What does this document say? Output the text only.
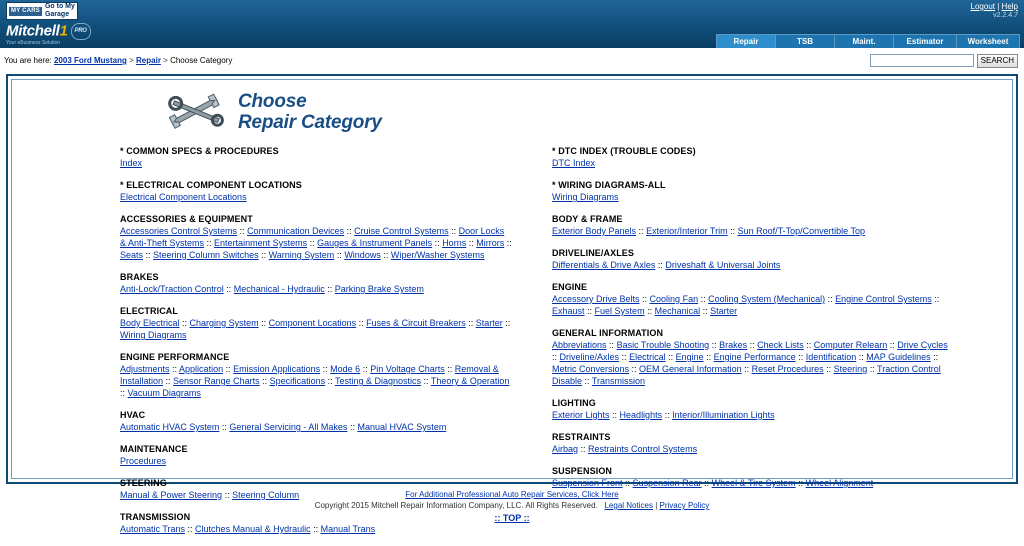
MY CARS
Go to My
Garage
Logout | Help
v2.2.4.7
Mitchell1 PRO
Your eBusiness Solution	Repair	TSB	Maint.	Estimator	Worksheet
You are here: 2003 Ford Mustang > Repair > Choose Category	SEARCH
Choose
Repair Category
* COMMON SPECS & PROCEDURES
Index
* ELECTRICAL COMPONENT LOCATIONS
Electrical Component Locations
ACCESSORIES & EQUIPMENT
Accessories Control Systems :: Communication Devices :: Cruise Control Systems :: Door Locks & Anti-Theft Systems :: Entertainment Systems :: Gauges & Instrument Panels :: Horns :: Mirrors :: Seats :: Steering Column Switches :: Warning System :: Windows :: Wiper/Washer Systems
BRAKES
Anti-Lock/Traction Control :: Mechanical - Hydraulic :: Parking Brake System
ELECTRICAL
Body Electrical :: Charging System :: Component Locations :: Fuses & Circuit Breakers :: Starter :: Wiring Diagrams
ENGINE PERFORMANCE
Adjustments :: Application :: Emission Applications :: Mode 6 :: Pin Voltage Charts :: Removal & Installation :: Sensor Range Charts :: Specifications :: Testing & Diagnostics :: Theory & Operation :: Vacuum Diagrams
HVAC
Automatic HVAC System :: General Servicing - All Makes :: Manual HVAC System
MAINTENANCE
Procedures
STEERING
Manual & Power Steering :: Steering Column
TRANSMISSION
Automatic Trans :: Clutches Manual & Hydraulic :: Manual Trans
* DTC INDEX (TROUBLE CODES)
DTC Index
* WIRING DIAGRAMS-ALL
Wiring Diagrams
BODY & FRAME
Exterior Body Panels :: Exterior/Interior Trim :: Sun Roof/T-Top/Convertible Top
DRIVELINE/AXLES
Differentials & Drive Axles :: Driveshaft & Universal Joints
ENGINE
Accessory Drive Belts :: Cooling Fan :: Cooling System (Mechanical) :: Engine Control Systems :: Exhaust :: Fuel System :: Mechanical :: Starter
GENERAL INFORMATION
Abbreviations :: Basic Trouble Shooting :: Brakes :: Check Lists :: Computer Relearn :: Drive Cycles :: Driveline/Axles :: Electrical :: Engine :: Engine Performance :: Identification :: MAP Guidelines :: Metric Conversions :: OEM General Information :: Reset Procedures :: Steering :: Traction Control Disable :: Transmission
LIGHTING
Exterior Lights :: Headlights :: Interior/Illumination Lights
RESTRAINTS
Airbag :: Restraints Control Systems
SUSPENSION
Suspension Front :: Suspension Rear :: Wheel & Tire System :: Wheel Alignment
For Additional Professional Auto Repair Services, Click Here
Copyright 2015 Mitchell Repair Information Company, LLC. All Rights Reserved. Legal Notices | Privacy Policy
:: TOP ::
